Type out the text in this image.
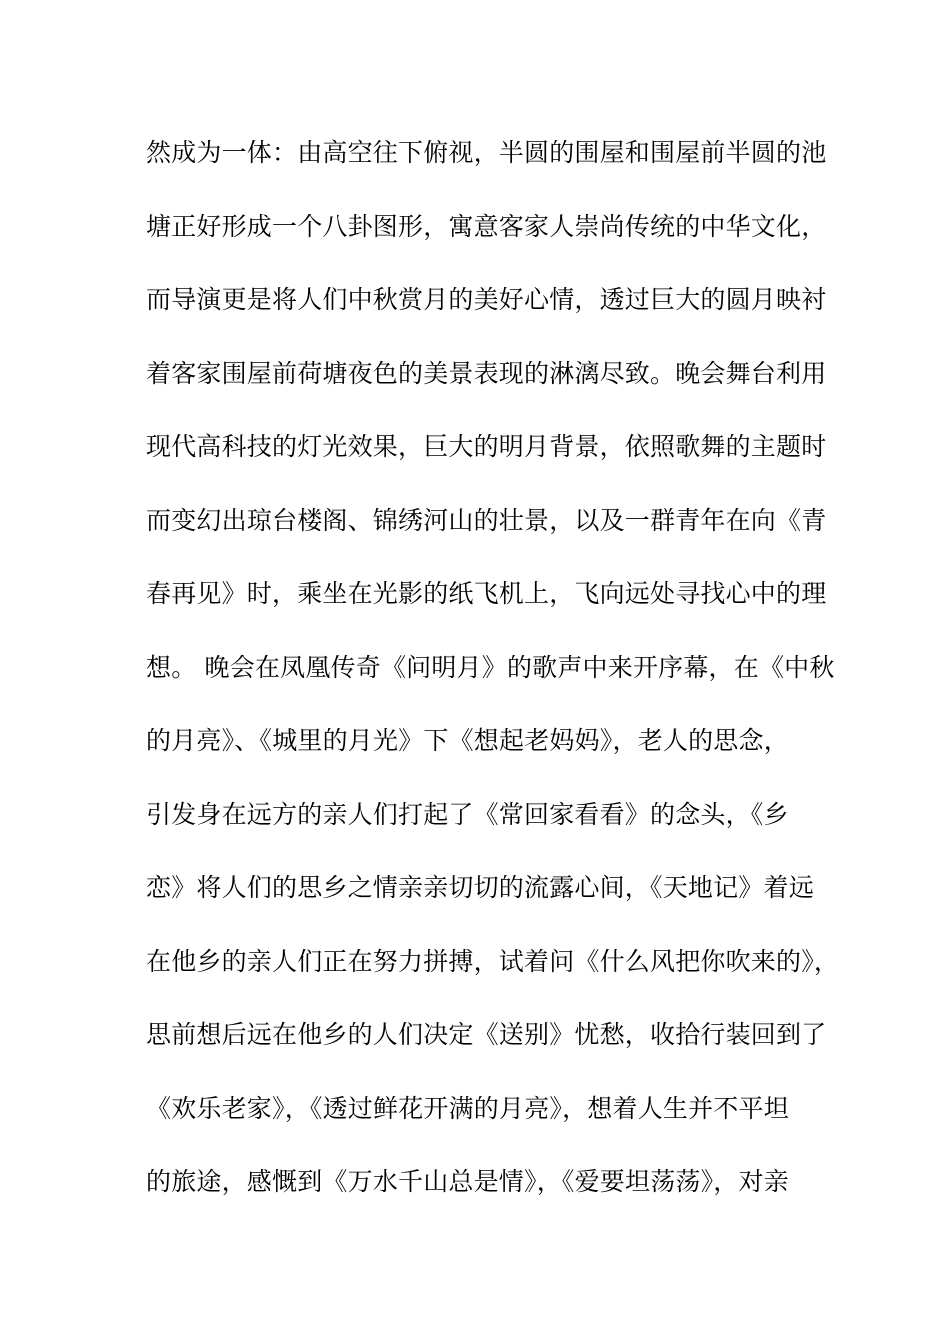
然成为一体：由高空往下俯视，半圆的围屋和围屋前半圆的池
塘正好形成一个八卦图形，寓意客家人崇尚传统的中华文化，
而导演更是将人们中秋赏月的美好心情，透过巨大的圆月映衬
着客家围屋前荷塘夜色的美景表现的淋漓尽致。晚会舞台利用
现代高科技的灯光效果，巨大的明月背景，依照歌舞的主题时
而变幻出琼台楼阁、锦绣河山的壮景，以及一群青年在向《青
春再见》时，乘坐在光影的纸飞机上，飞向远处寻找心中的理
想。 晚会在凤凰传奇《问明月》的歌声中来开序幕，在《中秋
的月亮》、《城里的月光》下《想起老妈妈》，老人的思念，
引发身在远方的亲人们打起了《常回家看看》的念头，《乡
恋》将人们的思乡之情亲亲切切的流露心间，《天地记》着远
在他乡的亲人们正在努力拼搏，试着问《什么风把你吹来的》，
思前想后远在他乡的人们决定《送别》忧愁，收拾行装回到了
《欢乐老家》，《透过鲜花开满的月亮》，想着人生并不平坦
的旅途，感慨到《万水千山总是情》，《爱要坦荡荡》，对亲
